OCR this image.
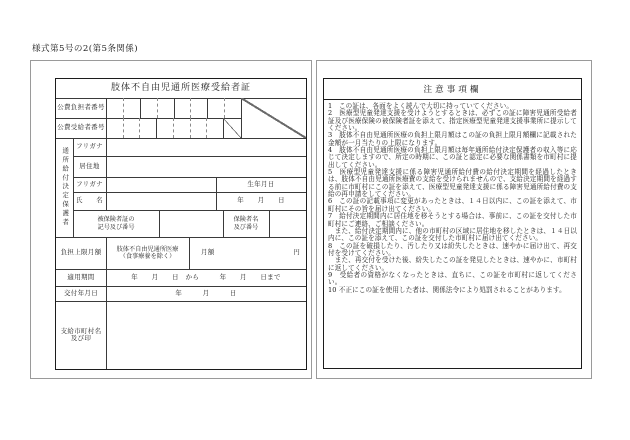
様式第5号の2(第5条関係)
肢体不自由児通所医療受給者証
公費負担者番号
公費受給者番号
通所給付決定保護者
フリガナ
居住地
フリガナ	生年月日
氏　　名	年　　月　　日
被保険者証の
記号及び番号
保険者名
及び番号
負担上限月額	肢体不自由児通所医療
（食事療養を除く）
月額	円
適用期間	年　　月　　日　から　　　年　　月　　日まで
交付年月日	年　　　月　　　日
支給市町村名
及び印
注意事項欄

1　この証は、各面をよく読んで大切に持っていてください。

2　医療型児童発達支援を受けようとするときは、必ずこの証に障害児通所受給者証及び医療保険の被保険者証を添えて、指定医療型児童発達支援事業所に提示してください。

3　肢体不自由児通所医療の負担上限月額はこの証の負担上限月額欄に記載された金額が一月当たりの上限になります。

4　肢体不自由児通所医療の負担上限月額は毎年通所給付決定保護者の収入等に応じて決定しますので、所定の時期に、この証と認定に必要な関係書類を市町村に提出してください。

5　医療型児童発達支援に係る障害児通所給付費の給付決定期間を経過したときは、肢体不自由児通所医療費の支給を受けられませんので、支給決定期間を経過する前に市町村にこの証を添えて、医療型児童発達支援に係る障害児通所給付費の支給の再申請をしてください。

6　この証の記載事項に変更があったときは、１４日以内に、この証を添えて、市町村にその旨を届け出てください。

7　給付決定期間内に居住地を移そうとする場合は、事前に、この証を交付した市町村にご連絡、ご相談ください。

　また、給付決定期間内に、他の市町村の区域に居住地を移したときは、１４日以内に、この証を添えて、この証を交付した市町村に届け出てください。

8　この証を破損したり、汚したり又は紛失したときは、速やかに届け出て、再交付を受けてください。

　また、再交付を受けた後、紛失したこの証を発見したときは、速やかに、市町村に返してください。

9　受給者の資格がなくなったときは、直ちに、この証を市町村に返してください。

10 不正にこの証を使用した者は、関係法令により処罰されることがあります。
